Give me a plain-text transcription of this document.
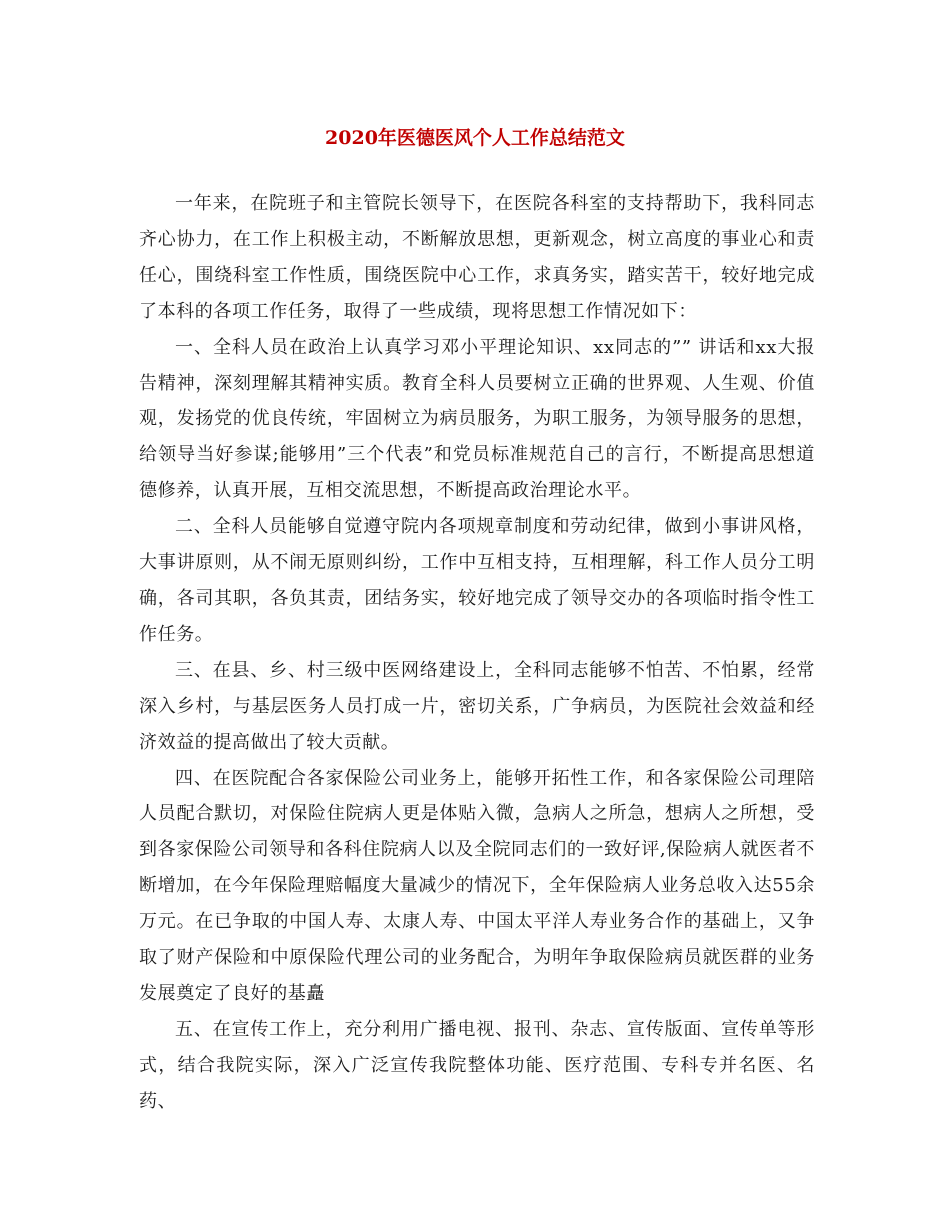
2020年医德医风个人工作总结范文

一年来，在院班子和主管院长领导下，在医院各科室的支持帮助下，我科同志齐心协力，在工作上积极主动，不断解放思想，更新观念，树立高度的事业心和责任心，围绕科室工作性质，围绕医院中心工作，求真务实，踏实苦干，较好地完成了本科的各项工作任务，取得了一些成绩，现将思想工作情况如下：

一、全科人员在政治上认真学习邓小平理论知识、xx同志的”” 讲话和xx大报告精神，深刻理解其精神实质。教育全科人员要树立正确的世界观、人生观、价值观，发扬党的优良传统，牢固树立为病员服务，为职工服务，为领导服务的思想，给领导当好参谋;能够用”三个代表”和党员标准规范自己的言行，不断提高思想道德修养，认真开展，互相交流思想，不断提高政治理论水平。

二、全科人员能够自觉遵守院内各项规章制度和劳动纪律，做到小事讲风格，大事讲原则，从不闹无原则纠纷，工作中互相支持，互相理解，科工作人员分工明确，各司其职，各负其责，团结务实，较好地完成了领导交办的各项临时指令性工作任务。

三、在县、乡、村三级中医网络建设上，全科同志能够不怕苦、不怕累，经常深入乡村，与基层医务人员打成一片，密切关系，广争病员，为医院社会效益和经济效益的提高做出了较大贡献。

四、在医院配合各家保险公司业务上，能够开拓性工作，和各家保险公司理陪人员配合默切，对保险住院病人更是体贴入微，急病人之所急，想病人之所想，受到各家保险公司领导和各科住院病人以及全院同志们的一致好评,保险病人就医者不断增加，在今年保险理赔幅度大量减少的情况下，全年保险病人业务总收入达55余万元。在已争取的中国人寿、太康人寿、中国太平洋人寿业务合作的基础上，又争取了财产保险和中原保险代理公司的业务配合，为明年争取保险病员就医群的业务发展奠定了良好的基矗

五、在宣传工作上，充分利用广播电视、报刊、杂志、宣传版面、宣传单等形式，结合我院实际，深入广泛宣传我院整体功能、医疗范围、专科专并名医、名药、
